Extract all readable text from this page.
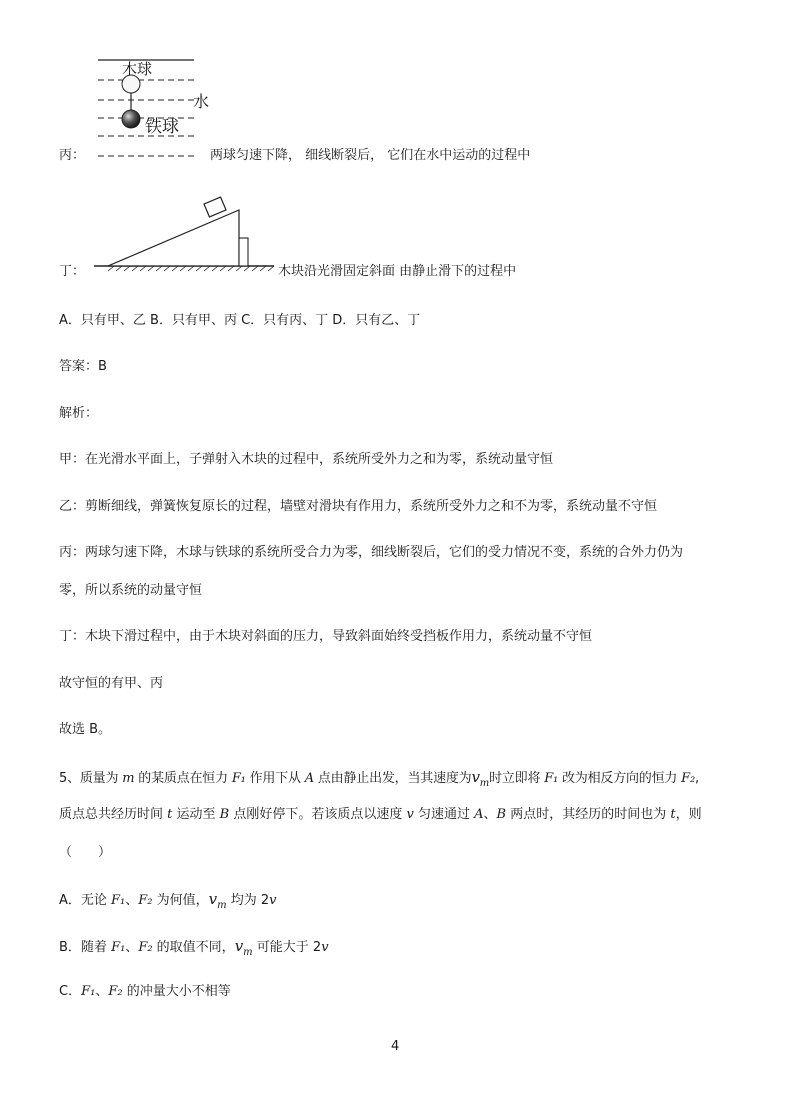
木球
水
铁球
丙：	两球匀速下降， 细线断裂后， 它们在水中运动的过程中
丁：	木块沿光滑固定斜面 由静止滑下的过程中
A．只有甲、乙 B．只有甲、丙 C．只有丙、丁 D．只有乙、丁
答案：B
解析：
甲：在光滑水平面上，子弹射入木块的过程中，系统所受外力之和为零，系统动量守恒
乙：剪断细线，弹簧恢复原长的过程，墙壁对滑块有作用力，系统所受外力之和不为零，系统动量不守恒
丙：两球匀速下降，木球与铁球的系统所受合力为零，细线断裂后，它们的受力情况不变，系统的合外力仍为
零，所以系统的动量守恒
丁：木块下滑过程中，由于木块对斜面的压力，导致斜面始终受挡板作用力，系统动量不守恒
故守恒的有甲、丙
故选 B。
5、质量为 m 的某质点在恒力 F₁ 作用下从 A 点由静止出发，当其速度为$v_m$时立即将 F₁ 改为相反方向的恒力 F₂,
质点总共经历时间 t 运动至 B 点刚好停下。若该质点以速度 v 匀速通过 A、B 两点时，其经历的时间也为 t，则
（　　）
A．无论 F₁、F₂ 为何值，$v_m$ 均为 2v
B．随着 F₁、F₂ 的取值不同，$v_m$ 可能大于 2v
C．F₁、F₂ 的冲量大小不相等
4
